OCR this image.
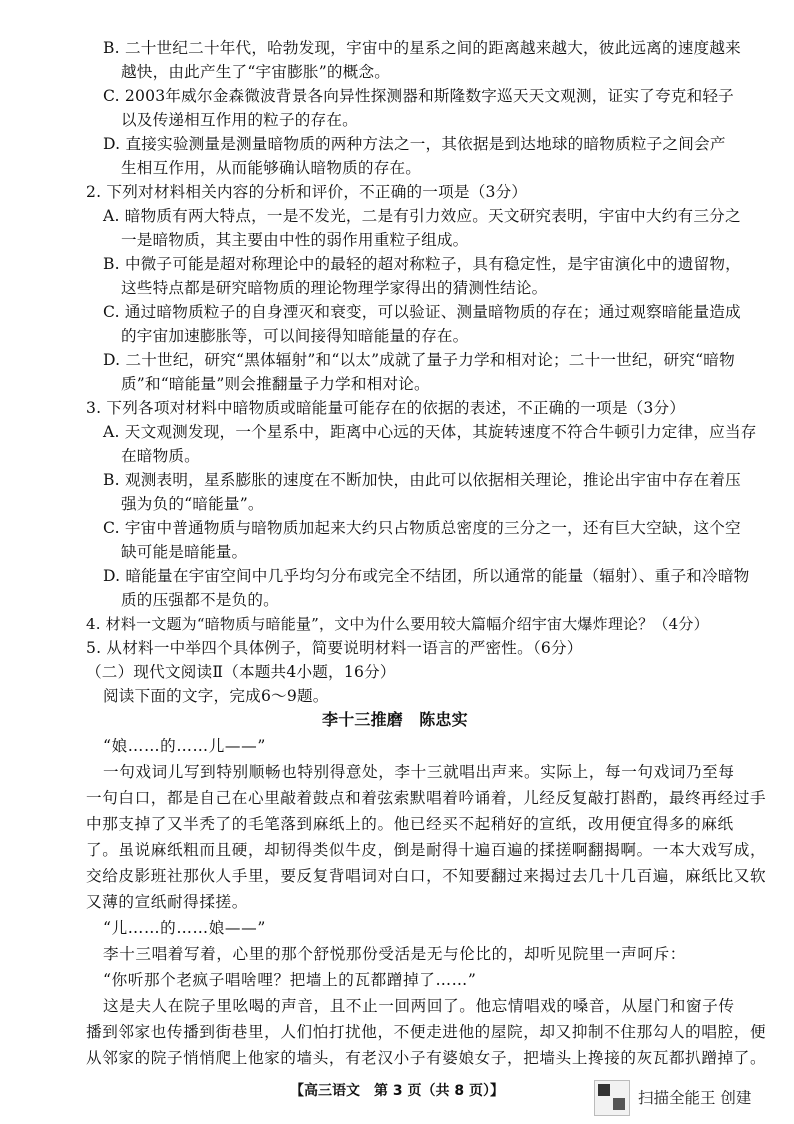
B. 二十世纪二十年代，哈勃发现，宇宙中的星系之间的距离越来越大，彼此远离的速度越来
越快，由此产生了“宇宙膨胀”的概念。
C. 2003年威尔金森微波背景各向异性探测器和斯隆数字巡天天文观测，证实了夸克和轻子
以及传递相互作用的粒子的存在。
D. 直接实验测量是测量暗物质的两种方法之一，其依据是到达地球的暗物质粒子之间会产
生相互作用，从而能够确认暗物质的存在。
2. 下列对材料相关内容的分析和评价，不正确的一项是（3分）
A. 暗物质有两大特点，一是不发光，二是有引力效应。天文研究表明，宇宙中大约有三分之
一是暗物质，其主要由中性的弱作用重粒子组成。
B. 中微子可能是超对称理论中的最轻的超对称粒子，具有稳定性，是宇宙演化中的遗留物，
这些特点都是研究暗物质的理论物理学家得出的猜测性结论。
C. 通过暗物质粒子的自身湮灭和衰变，可以验证、测量暗物质的存在；通过观察暗能量造成
的宇宙加速膨胀等，可以间接得知暗能量的存在。
D. 二十世纪，研究“黑体辐射”和“以太”成就了量子力学和相对论；二十一世纪，研究“暗物
质”和“暗能量”则会推翻量子力学和相对论。
3. 下列各项对材料中暗物质或暗能量可能存在的依据的表述，不正确的一项是（3分）
A. 天文观测发现，一个星系中，距离中心远的天体，其旋转速度不符合牛顿引力定律，应当存
在暗物质。
B. 观测表明，星系膨胀的速度在不断加快，由此可以依据相关理论，推论出宇宙中存在着压
强为负的“暗能量”。
C. 宇宙中普通物质与暗物质加起来大约只占物质总密度的三分之一，还有巨大空缺，这个空
缺可能是暗能量。
D. 暗能量在宇宙空间中几乎均匀分布或完全不结团，所以通常的能量（辐射）、重子和冷暗物
质的压强都不是负的。
4. 材料一文题为“暗物质与暗能量”，文中为什么要用较大篇幅介绍宇宙大爆炸理论？（4分）
5. 从材料一中举四个具体例子，简要说明材料一语言的严密性。（6分）
（二）现代文阅读Ⅱ（本题共4小题，16分）
阅读下面的文字，完成6～9题。
李十三推磨　陈忠实
“娘……的……儿——”
一句戏词儿写到特别顺畅也特别得意处，李十三就唱出声来。实际上，每一句戏词乃至每
一句白口，都是自己在心里敲着鼓点和着弦索默唱着吟诵着，儿经反复敲打斟酌，最终再经过手
中那支掉了又半秃了的毛笔落到麻纸上的。他已经买不起稍好的宣纸，改用便宜得多的麻纸
了。虽说麻纸粗而且硬，却韧得类似牛皮，倒是耐得十遍百遍的揉搓啊翻揭啊。一本大戏写成，
交给皮影班社那伙人手里，要反复背唱词对白口，不知要翻过来揭过去几十几百遍，麻纸比又软
又薄的宣纸耐得揉搓。
“儿……的……娘——”
李十三唱着写着，心里的那个舒悦那份受活是无与伦比的，却听见院里一声呵斥：
“你听那个老疯子唱啥哩？把墙上的瓦都蹭掉了……”
这是夫人在院子里吆喝的声音，且不止一回两回了。他忘情唱戏的嗓音，从屋门和窗子传
播到邻家也传播到街巷里，人们怕打扰他，不便走进他的屋院，却又抑制不住那勾人的唱腔，便
从邻家的院子悄悄爬上他家的墙头，有老汉小子有婆娘女子，把墙头上搀接的灰瓦都扒蹭掉了。
【高三语文　第 3 页（共 8 页）】	扫描全能王 创建
